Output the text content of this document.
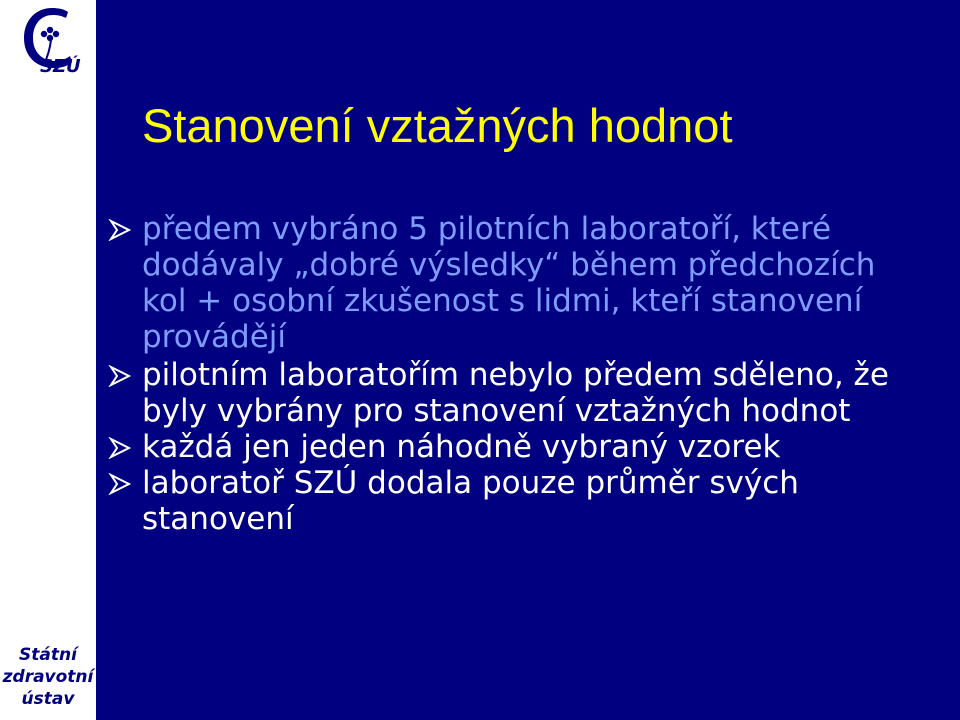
SZÚ
Státní
zdravotní
ústav
Stanovení vztažných hodnot
předem vybráno 5 pilotních laboratoří, které dodávaly „dobré výsledky“ během předchozích kol + osobní zkušenost s lidmi, kteří stanovení provádějí
pilotním laboratořím nebylo předem sděleno, že byly vybrány pro stanovení vztažných hodnot
každá jen jeden náhodně vybraný vzorek
laboratoř SZÚ dodala pouze průměr svých stanovení
